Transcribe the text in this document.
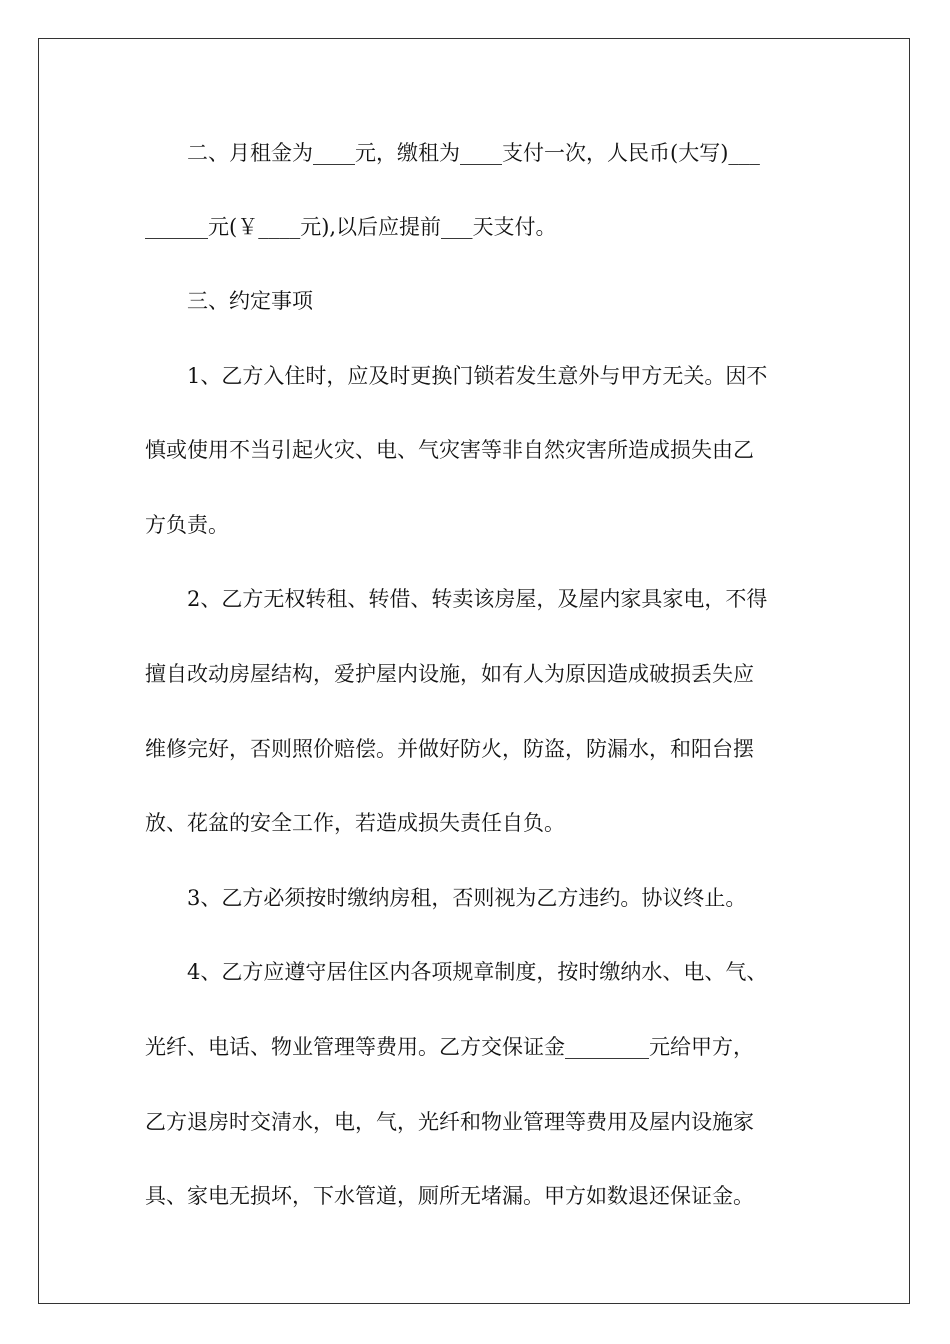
二、月租金为____元，缴租为____支付一次，人民币(大写)___
______元(￥____元),以后应提前___天支付。
三、约定事项
1、乙方入住时，应及时更换门锁若发生意外与甲方无关。因不
慎或使用不当引起火灾、电、气灾害等非自然灾害所造成损失由乙
方负责。
2、乙方无权转租、转借、转卖该房屋，及屋内家具家电，不得
擅自改动房屋结构，爱护屋内设施，如有人为原因造成破损丢失应
维修完好，否则照价赔偿。并做好防火，防盗，防漏水，和阳台摆
放、花盆的安全工作，若造成损失责任自负。
3、乙方必须按时缴纳房租，否则视为乙方违约。协议终止。
4、乙方应遵守居住区内各项规章制度，按时缴纳水、电、气、
光纤、电话、物业管理等费用。乙方交保证金________元给甲方，
乙方退房时交清水，电，气，光纤和物业管理等费用及屋内设施家
具、家电无损坏，下水管道，厕所无堵漏。甲方如数退还保证金。
